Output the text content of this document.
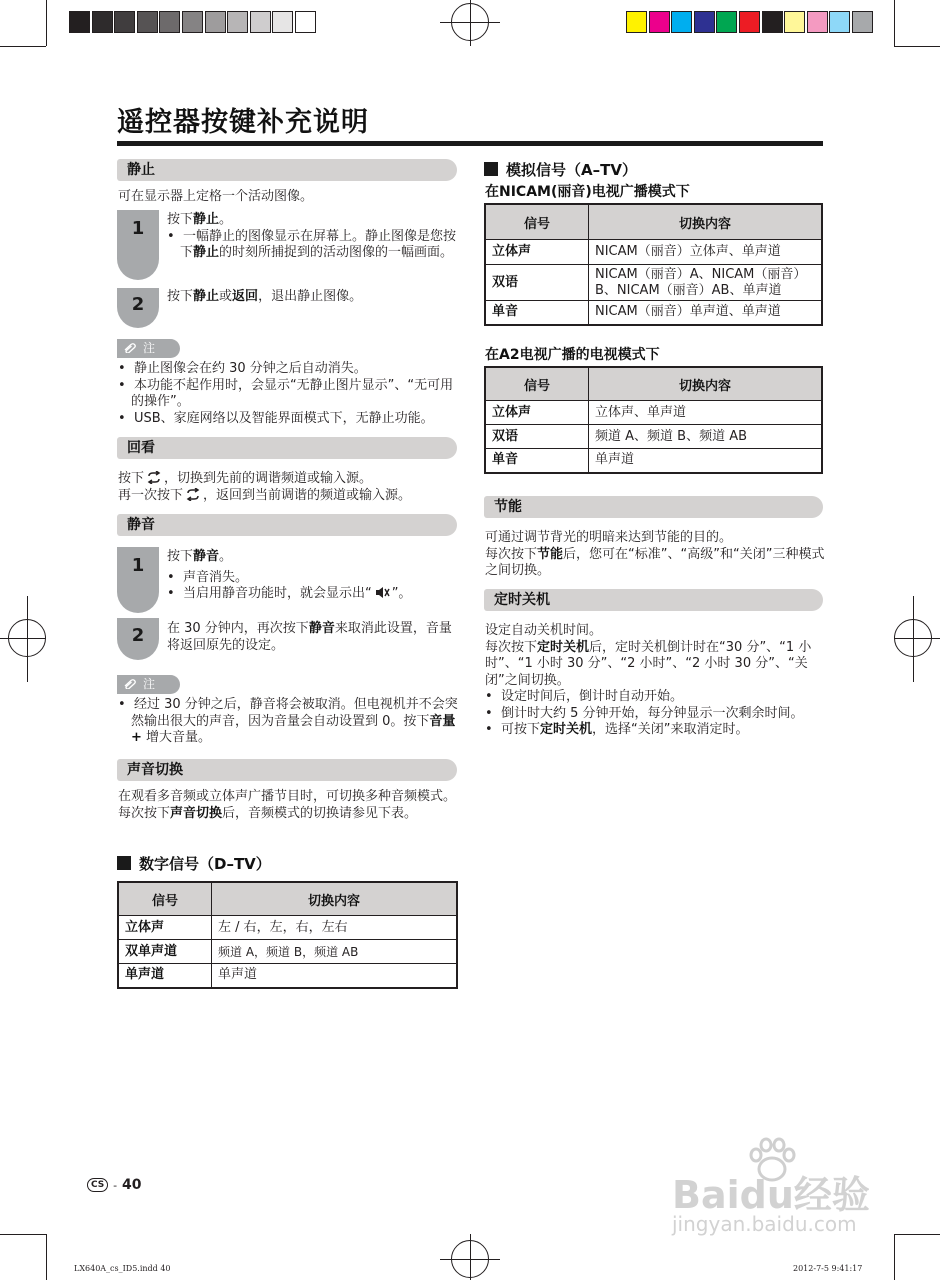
遥控器按键补充说明
静止
可在显示器上定格一个活动图像。
1	按下静止。
•  一幅静止的图像显示在屏幕上。静止图像是您按下静止的时刻所捕捉到的活动图像的一幅画面。
2	按下静止或返回，退出静止图像。
注
•  静止图像会在约 30 分钟之后自动消失。
•  本功能不起作用时，会显示“无静止图片显示”、“无可用的操作”。
•  USB、家庭网络以及智能界面模式下，无静止功能。
回看
按下 ，切换到先前的调谐频道或输入源。
再一次按下 ，返回到当前调谐的频道或输入源。
静音
1	按下静音。
•  声音消失。
•  当启用静音功能时，就会显示出“ ”。
2	在 30 分钟内，再次按下静音来取消此设置，音量将返回原先的设定。
注
•  经过 30 分钟之后，静音将会被取消。但电视机并不会突然输出很大的声音，因为音量会自动设置到 0。按下音量 + 增大音量。
声音切换
在观看多音频或立体声广播节目时，可切换多种音频模式。
每次按下声音切换后，音频模式的切换请参见下表。
数字信号（D–TV）
信号	切换内容
立体声	左 / 右，左，右，左右
双单声道	频道 A，频道 B，频道 AB
单声道	单声道
模拟信号（A–TV）
在NICAM(丽音)电视广播模式下
信号	切换内容
立体声	NICAM（丽音）立体声、单声道
双语	NICAM（丽音）A、NICAM（丽音）B、NICAM（丽音）AB、单声道
单音	NICAM（丽音）单声道、单声道
在A2电视广播的电视模式下
信号	切换内容
立体声	立体声、单声道
双语	频道 A、频道 B、频道 AB
单音	单声道
节能
可通过调节背光的明暗来达到节能的目的。
每次按下节能后，您可在“标准”、“高级”和“关闭”三种模式之间切换。
定时关机
设定自动关机时间。
每次按下定时关机后，定时关机倒计时在“30 分”、“1 小时”、“1 小时 30 分”、“2 小时”、“2 小时 30 分”、“关闭”之间切换。
•  设定时间后，倒计时自动开始。
•  倒计时大约 5 分钟开始，每分钟显示一次剩余时间。
•  可按下定时关机，选择“关闭”来取消定时。
CS - 40
LX640A_cs_ID5.indd 40	2012-7-5 9:41:17
Baidu经验
jingyan.baidu.com
